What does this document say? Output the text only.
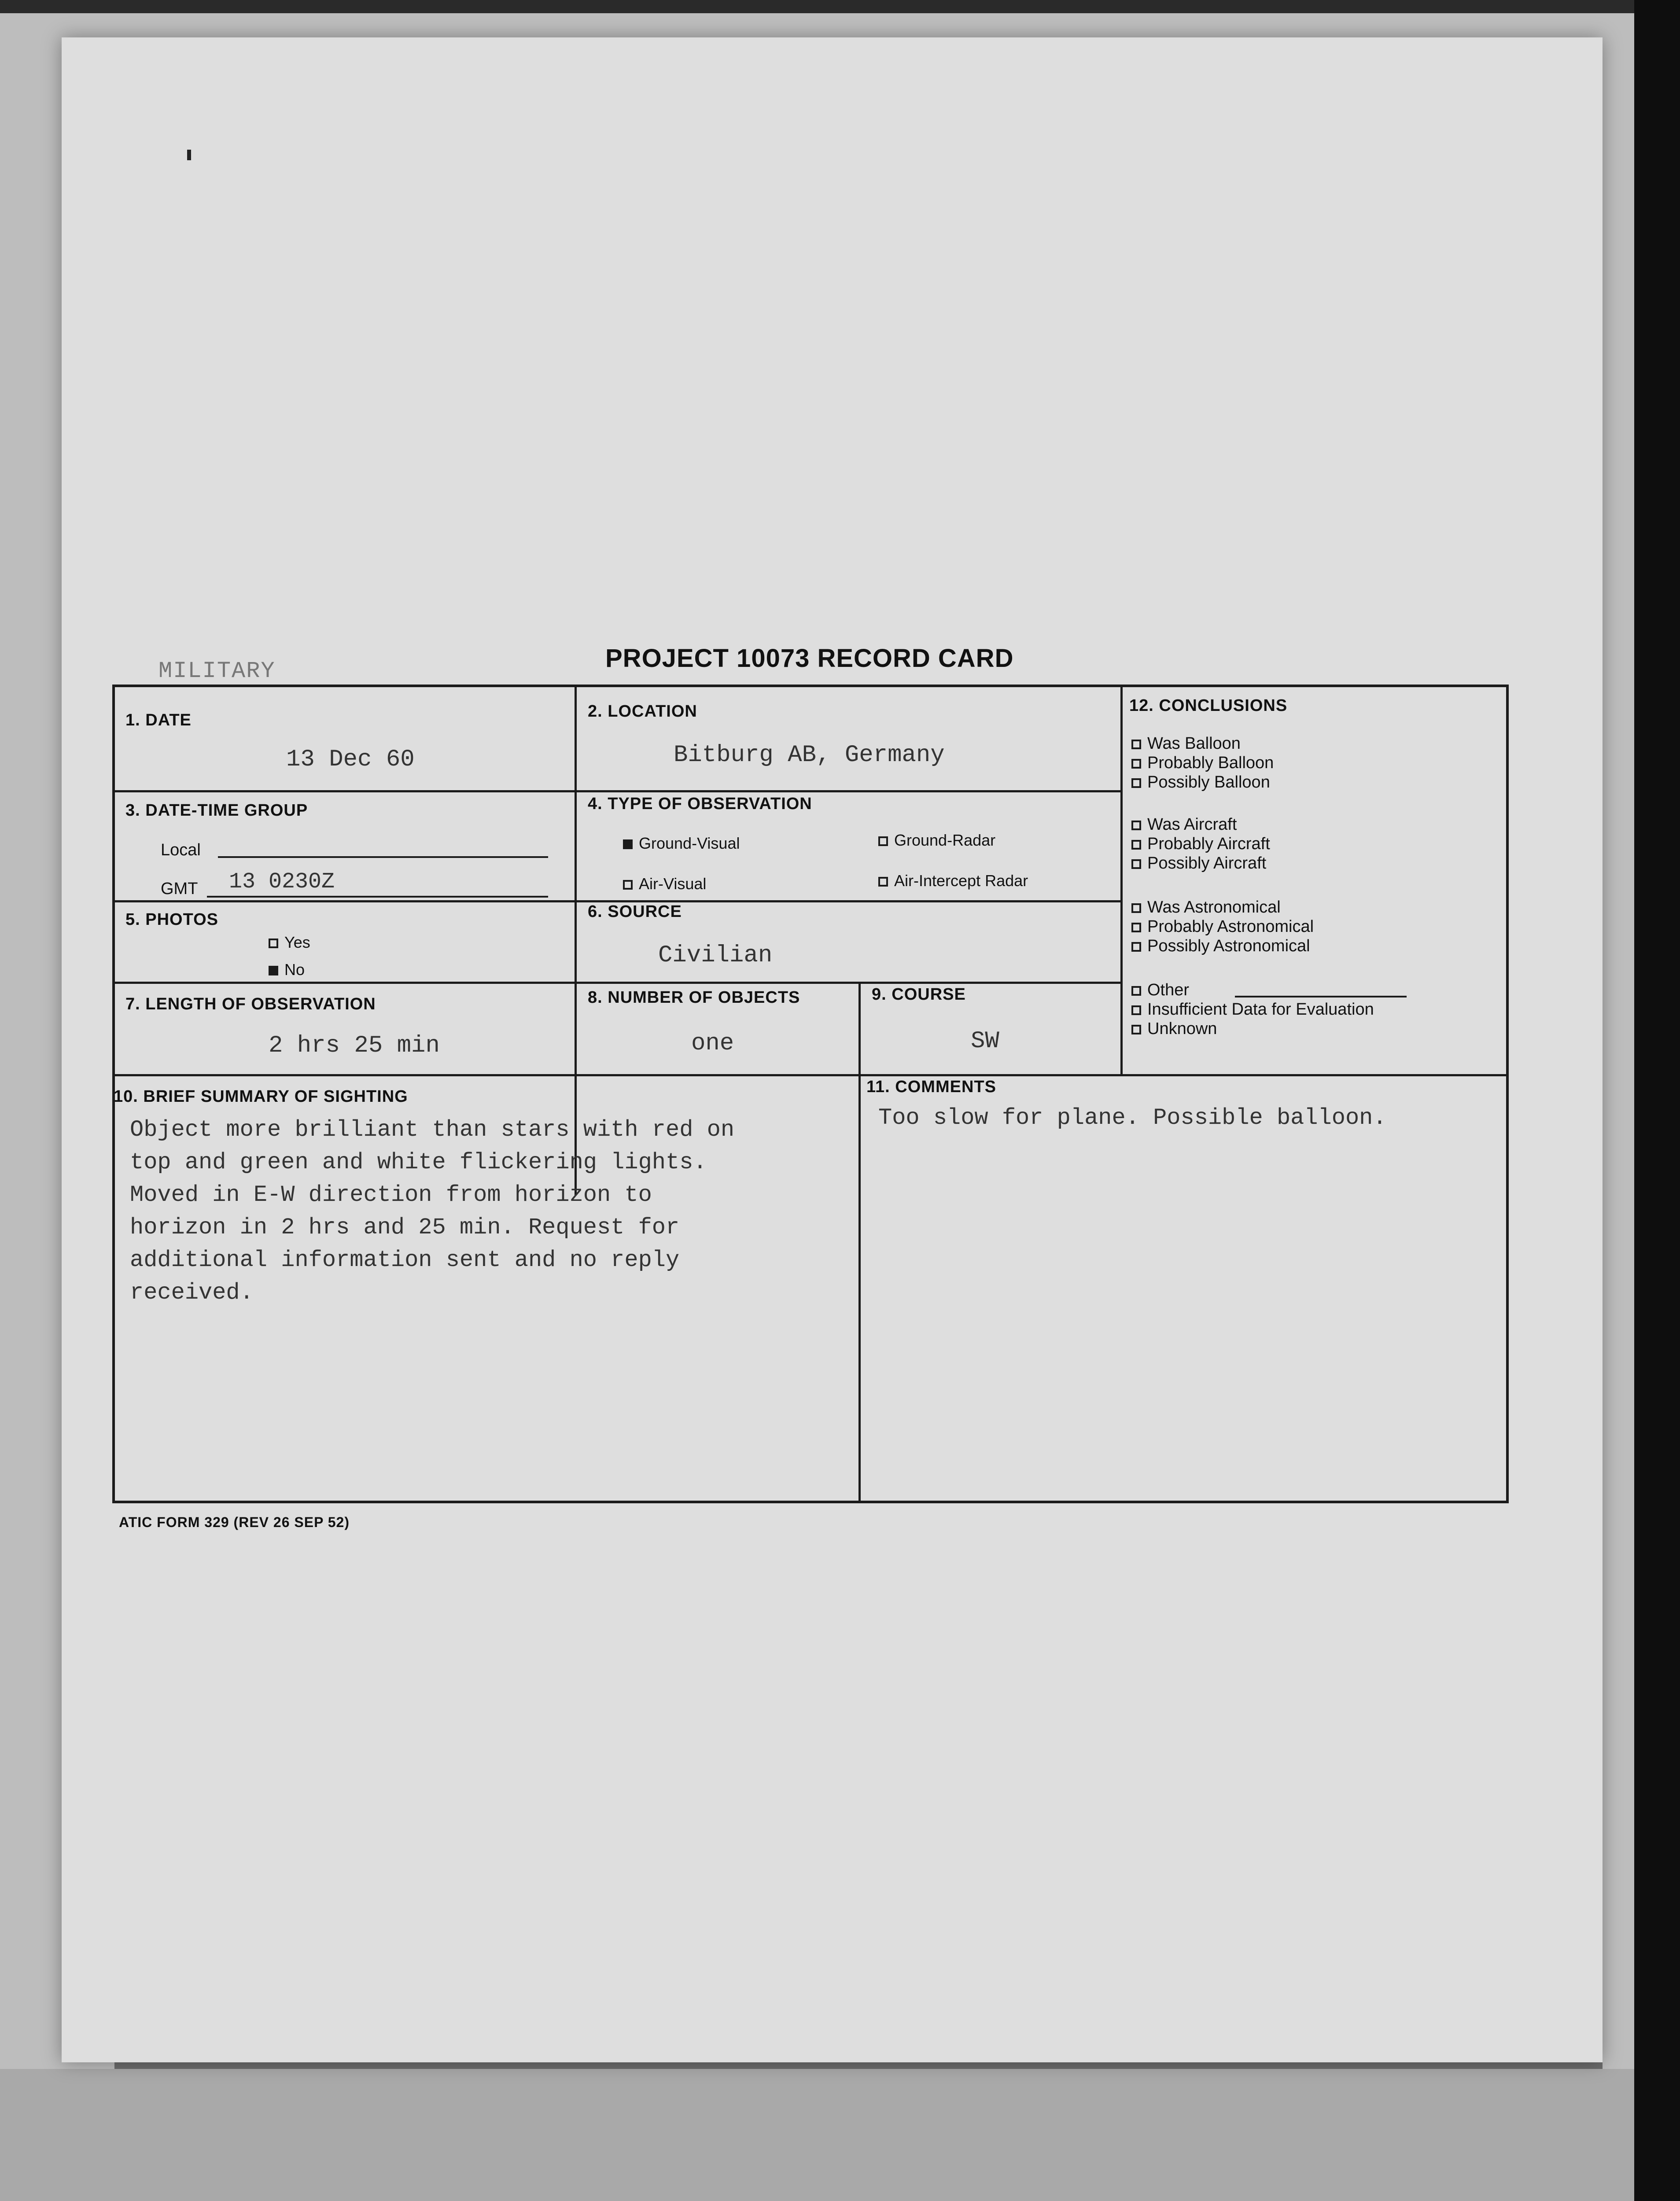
MILITARY	PROJECT 10073 RECORD CARD
1. DATE
13 Dec 60
2. LOCATION
Bitburg AB, Germany
3. DATE-TIME GROUP
Local
GMT 13 0230Z
4. TYPE OF OBSERVATION
Ground-Visual	Ground-Radar
Air-Visual	Air-Intercept Radar
5. PHOTOS
Yes
No
6. SOURCE
Civilian
7. LENGTH OF OBSERVATION
2 hrs 25 min
8. NUMBER OF OBJECTS
one
9. COURSE
SW
10. BRIEF SUMMARY OF SIGHTING
Object more brilliant than stars with red on
top and green and white flickering lights.
Moved in E-W direction from horizon to
horizon in 2 hrs and 25 min. Request for
additional information sent and no reply
received.
11. COMMENTS
Too slow for plane. Possible balloon.
12. CONCLUSIONS
Was Balloon
Probably Balloon
Possibly Balloon
Was Aircraft
Probably Aircraft
Possibly Aircraft
Was Astronomical
Probably Astronomical
Possibly Astronomical
Other
Insufficient Data for Evaluation
Unknown
ATIC FORM 329 (REV 26 SEP 52)
